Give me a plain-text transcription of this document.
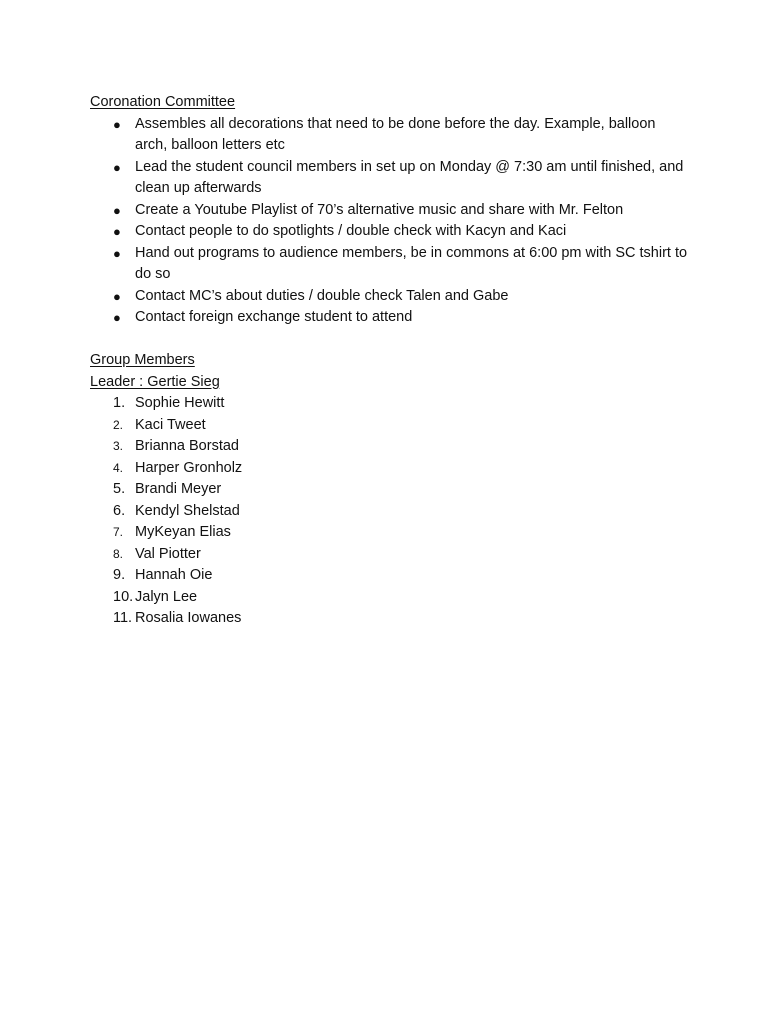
Coronation Committee
● Assembles all decorations that need to be done before the day. Example, balloon arch, balloon letters etc
● Lead the student council members in set up on Monday @ 7:30 am until finished, and clean up afterwards
● Create a Youtube Playlist of 70’s alternative music and share with Mr. Felton
● Contact people to do spotlights / double check with Kacyn and Kaci
● Hand out programs to audience members, be in commons at 6:00 pm with SC tshirt to do so
● Contact MC’s about duties / double check Talen and Gabe
● Contact foreign exchange student to attend
Group Members
Leader : Gertie Sieg
1. Sophie Hewitt
2. Kaci Tweet
3. Brianna Borstad
4. Harper Gronholz
5. Brandi Meyer
6. Kendyl Shelstad
7. MyKeyan Elias
8. Val Piotter
9. Hannah Oie
10. Jalyn Lee
11. Rosalia Iowanes
